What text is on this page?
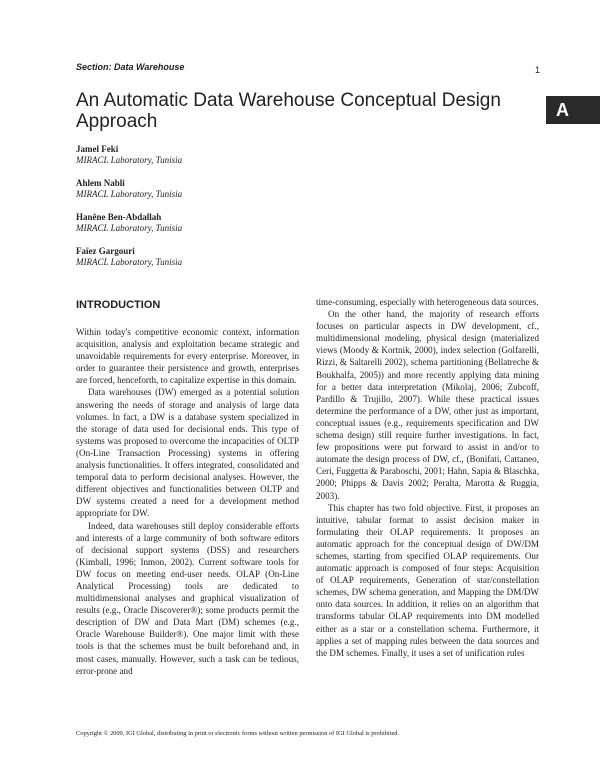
Section: Data Warehouse	1
A
An Automatic Data Warehouse Conceptual Design Approach
Jamel Feki
MIRACL Laboratory, Tunisia
Ahlem Nabli
MIRACL Laboratory, Tunisia
Hanêne Ben-Abdallah
MIRACL Laboratory, Tunisia
Faïez Gargouri
MIRACL Laboratory, Tunisia
INTRODUCTION

Within today's competitive economic context, information acquisition, analysis and exploitation became strategic and unavoidable requirements for every enterprise. Moreover, in order to guarantee their persistence and growth, enterprises are forced, henceforth, to capitalize expertise in this domain.

Data warehouses (DW) emerged as a potential solution answering the needs of storage and analysis of large data volumes. In fact, a DW is a database system specialized in the storage of data used for decisional ends. This type of systems was proposed to overcome the incapacities of OLTP (On-Line Transaction Processing) systems in offering analysis functionalities. It offers integrated, consolidated and temporal data to perform decisional analyses. However, the different objectives and functionalities between OLTP and DW systems created a need for a development method appropriate for DW.

Indeed, data warehouses still deploy considerable efforts and interests of a large community of both software editors of decisional support systems (DSS) and researchers (Kimball, 1996; Inmon, 2002). Current software tools for DW focus on meeting end-user needs. OLAP (On-Line Analytical Processing) tools are dedicated to multidimensional analyses and graphical visualization of results (e.g., Oracle Discoverer®); some products permit the description of DW and Data Mart (DM) schemes (e.g., Oracle Warehouse Builder®). One major limit with these tools is that the schemes must be built beforehand and, in most cases, manually. However, such a task can be tedious, error-prone and

time-consuming, especially with heterogeneous data sources.

On the other hand, the majority of research efforts focuses on particular aspects in DW development, cf., multidimensional modeling, physical design (materialized views (Moody & Kortnik, 2000), index selection (Golfarelli, Rizzi, & Saltarelli 2002), schema partitioning (Bellatreche & Boukhalfa, 2005)) and more recently applying data mining for a better data interpretation (Mikolaj, 2006; Zubcoff, Pardillo & Trujillo, 2007). While these practical issues determine the performance of a DW, other just as important, conceptual issues (e.g., requirements specification and DW schema design) still require further investigations. In fact, few propositions were put forward to assist in and/or to automate the design process of DW, cf., (Bonifati, Cattaneo, Ceri, Fuggetta & Paraboschi, 2001; Hahn, Sapia & Blaschka, 2000; Phipps & Davis 2002; Peralta, Marotta & Ruggia, 2003).

This chapter has two fold objective. First, it proposes an intuitive, tabular format to assist decision maker in formulating their OLAP requirements. It proposes an automatic approach for the conceptual design of DW/DM schemes, starting from specified OLAP requirements. Our automatic approach is composed of four steps: Acquisition of OLAP requirements, Generation of star/constellation schemes, DW schema generation, and Mapping the DM/DW onto data sources. In addition, it relies on an algorithm that transforms tabular OLAP requirements into DM modelled either as a star or a constellation schema. Furthermore, it applies a set of mapping rules between the data sources and the DM schemes. Finally, it uses a set of unification rules

Copyright © 2009, IGI Global, distributing in print or electronic forms without written permission of IGI Global is prohibited.
